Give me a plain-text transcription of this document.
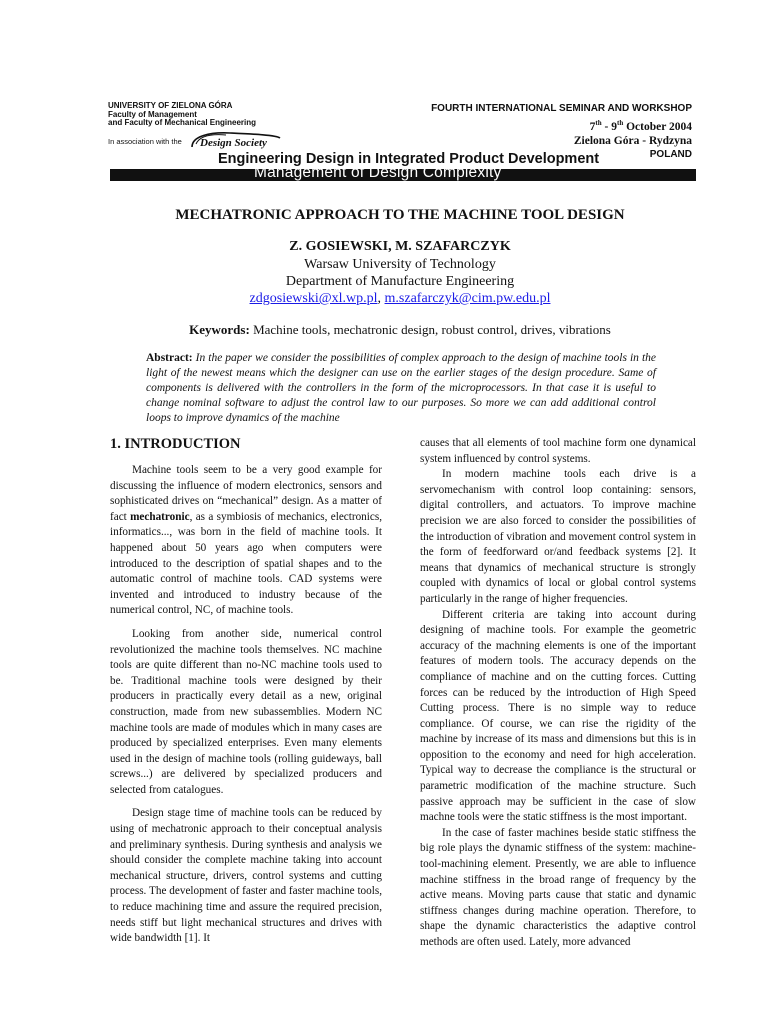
UNIVERSITY OF ZIELONA GÓRA
Faculty of Management
and Faculty of Mechanical Engineering
In association with the Design Society
FOURTH INTERNATIONAL SEMINAR AND WORKSHOP
7th - 9th October 2004
Zielona Góra - Rydzyna
POLAND
Engineering Design in Integrated Product Development
Management of Design Complexity
MECHATRONIC APPROACH TO THE MACHINE TOOL DESIGN
Z. GOSIEWSKI, M. SZAFARCZYK
Warsaw University of Technology
Department of Manufacture Engineering
zdgosiewski@xl.wp.pl, m.szafarczyk@cim.pw.edu.pl
Keywords: Machine tools, mechatronic design, robust control, drives, vibrations
Abstract: In the paper we consider the possibilities of complex approach to the design of machine tools in the light of the newest means which the designer can use on the earlier stages of the design procedure. Same of components is delivered with the controllers in the form of the microprocessors. In that case it is useful to change nominal software to adjust the control law to our purposes. So more we can add additional control loops to improve dynamics of the machine
1. INTRODUCTION

Machine tools seem to be a very good example for discussing the influence of modern electronics, sensors and sophisticated drives on “mechanical” design. As a matter of fact mechatronic, as a symbiosis of mechanics, electronics, informatics..., was born in the field of machine tools. It happened about 50 years ago when computers were introduced to the description of spatial shapes and to the automatic control of machine tools. CAD systems were invented and introduced to industry because of the numerical control, NC, of machine tools.

Looking from another side, numerical control revolutionized the machine tools themselves. NC machine tools are quite different than no-NC machine tools used to be. Traditional machine tools were designed by their producers in practically every detail as a new, original construction, made from new subassemblies. Modern NC machine tools are made of modules which in many cases are produced by specialized enterprises. Even many elements used in the design of machine tools (rolling guideways, ball screws...) are delivered by specialized producers and selected from catalogues.

Design stage time of machine tools can be reduced by using of mechatronic approach to their conceptual analysis and preliminary synthesis. During synthesis and analysis we should consider the complete machine taking into account mechanical structure, drivers, control systems and cutting process. The development of faster and faster machine tools, to reduce machining time and assure the required precision, needs stiff but light mechanical structures and drives with wide bandwidth [1]. It

causes that all elements of tool machine form one dynamical system influenced by control systems.

In modern machine tools each drive is a servomechanism with control loop containing: sensors, digital controllers, and actuators. To improve machine precision we are also forced to consider the possibilities of the introduction of vibration and movement control system in the form of feedforward or/and feedback systems [2]. It means that dynamics of mechanical structure is strongly coupled with dynamics of local or global control systems particularly in the range of higher frequencies.

Different criteria are taking into account during designing of machine tools. For example the geometric accuracy of the machning elements is one of the important features of modern tools. The accuracy depends on the compliance of machine and on the cutting forces. Cutting forces can be reduced by the introduction of High Speed Cutting process. There is no simple way to reduce compliance. Of course, we can rise the rigidity of the machine by increase of its mass and dimensions but this is in opposition to the economy and need for high acceleration. Typical way to decrease the compliance is the structural or parametric modification of the machine structure. Such passive approach may be sufficient in the case of slow machne tools were the static stiffness is the most important.

In the case of faster machines beside static stiffness the big role plays the dynamic stiffness of the system: machine-tool-machining element. Presently, we are able to influence machine stiffness in the broad range of frequency by the active means. Moving parts cause that static and dynamic stiffness changes during machine operation. Therefore, to shape the dynamic characteristics the adaptive control methods are often used. Lately, more advanced
